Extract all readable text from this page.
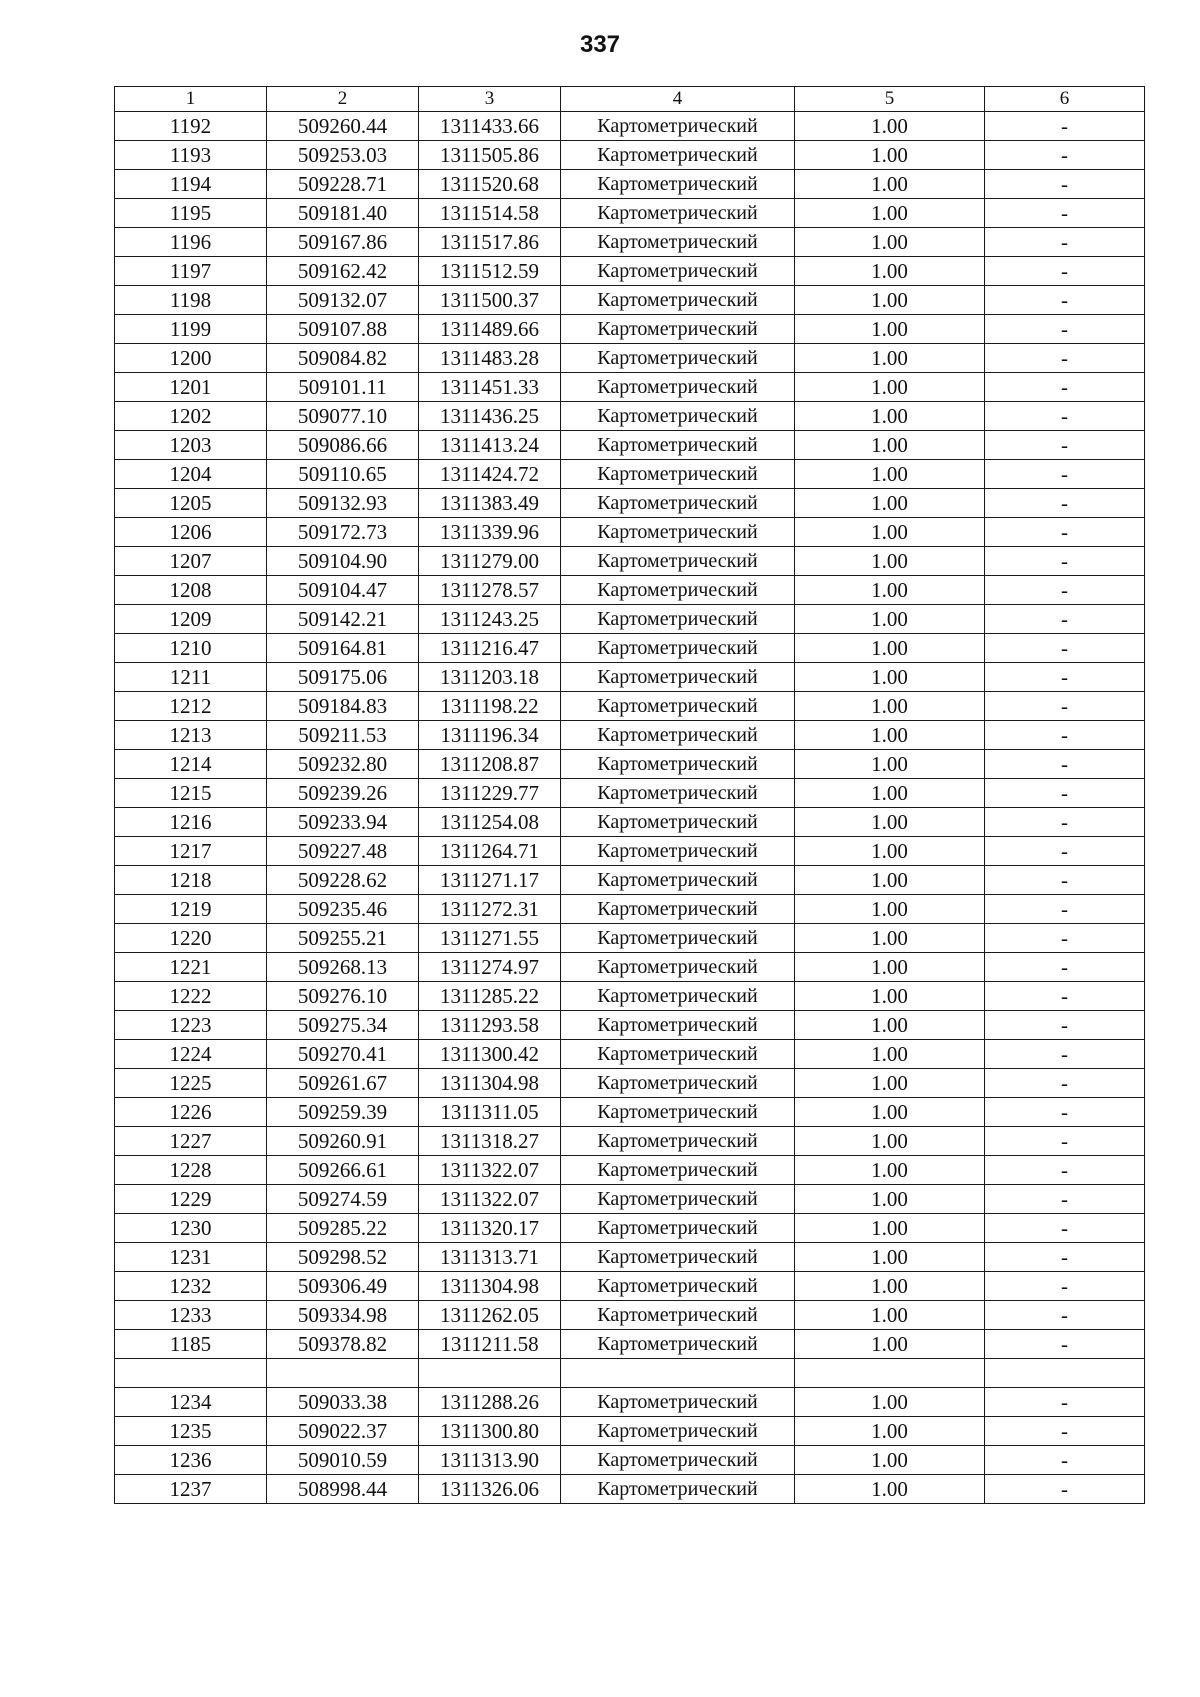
337
1	2	3	4	5	6
1192	509260.44	1311433.66	Картометрический	1.00	-
1193	509253.03	1311505.86	Картометрический	1.00	-
1194	509228.71	1311520.68	Картометрический	1.00	-
1195	509181.40	1311514.58	Картометрический	1.00	-
1196	509167.86	1311517.86	Картометрический	1.00	-
1197	509162.42	1311512.59	Картометрический	1.00	-
1198	509132.07	1311500.37	Картометрический	1.00	-
1199	509107.88	1311489.66	Картометрический	1.00	-
1200	509084.82	1311483.28	Картометрический	1.00	-
1201	509101.11	1311451.33	Картометрический	1.00	-
1202	509077.10	1311436.25	Картометрический	1.00	-
1203	509086.66	1311413.24	Картометрический	1.00	-
1204	509110.65	1311424.72	Картометрический	1.00	-
1205	509132.93	1311383.49	Картометрический	1.00	-
1206	509172.73	1311339.96	Картометрический	1.00	-
1207	509104.90	1311279.00	Картометрический	1.00	-
1208	509104.47	1311278.57	Картометрический	1.00	-
1209	509142.21	1311243.25	Картометрический	1.00	-
1210	509164.81	1311216.47	Картометрический	1.00	-
1211	509175.06	1311203.18	Картометрический	1.00	-
1212	509184.83	1311198.22	Картометрический	1.00	-
1213	509211.53	1311196.34	Картометрический	1.00	-
1214	509232.80	1311208.87	Картометрический	1.00	-
1215	509239.26	1311229.77	Картометрический	1.00	-
1216	509233.94	1311254.08	Картометрический	1.00	-
1217	509227.48	1311264.71	Картометрический	1.00	-
1218	509228.62	1311271.17	Картометрический	1.00	-
1219	509235.46	1311272.31	Картометрический	1.00	-
1220	509255.21	1311271.55	Картометрический	1.00	-
1221	509268.13	1311274.97	Картометрический	1.00	-
1222	509276.10	1311285.22	Картометрический	1.00	-
1223	509275.34	1311293.58	Картометрический	1.00	-
1224	509270.41	1311300.42	Картометрический	1.00	-
1225	509261.67	1311304.98	Картометрический	1.00	-
1226	509259.39	1311311.05	Картометрический	1.00	-
1227	509260.91	1311318.27	Картометрический	1.00	-
1228	509266.61	1311322.07	Картометрический	1.00	-
1229	509274.59	1311322.07	Картометрический	1.00	-
1230	509285.22	1311320.17	Картометрический	1.00	-
1231	509298.52	1311313.71	Картометрический	1.00	-
1232	509306.49	1311304.98	Картометрический	1.00	-
1233	509334.98	1311262.05	Картометрический	1.00	-
1185	509378.82	1311211.58	Картометрический	1.00	-

1234	509033.38	1311288.26	Картометрический	1.00	-
1235	509022.37	1311300.80	Картометрический	1.00	-
1236	509010.59	1311313.90	Картометрический	1.00	-
1237	508998.44	1311326.06	Картометрический	1.00	-
